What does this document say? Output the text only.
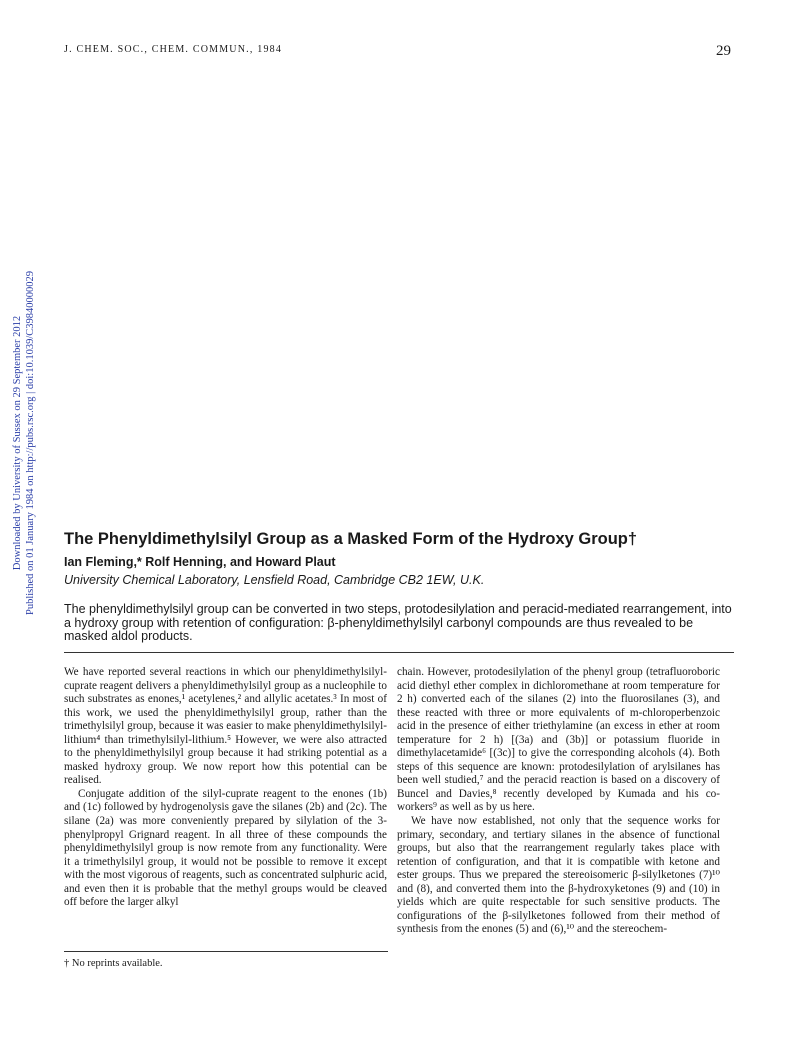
J. CHEM. SOC., CHEM. COMMUN., 1984	29
Downloaded by University of Sussex on 29 September 2012 Published on 01 January 1984 on http://pubs.rsc.org | doi:10.1039/C39840000029 The Phenyldimethylsilyl Group as a Masked Form of the Hydroxy Group†
Ian Fleming,* Rolf Henning, and Howard Plaut
University Chemical Laboratory, Lensfield Road, Cambridge CB2 1EW, U.K.
The phenyldimethylsilyl group can be converted in two steps, protodesilylation and peracid-mediated rearrangement, into a hydroxy group with retention of configuration: β-phenyldimethylsilyl carbonyl compounds are thus revealed to be masked aldol products.

We have reported several reactions in which our phenyldimethylsilyl-cuprate reagent delivers a phenyldimethylsilyl group as a nucleophile to such substrates as enones,¹ acetylenes,² and allylic acetates.³ In most of this work, we used the phenyldimethylsilyl group, rather than the trimethylsilyl group, because it was easier to make phenyldimethylsilyl-lithium⁴ than trimethylsilyl-lithium.⁵ However, we were also attracted to the phenyldimethylsilyl group because it had striking potential as a masked hydroxy group. We now report how this potential can be realised.

Conjugate addition of the silyl-cuprate reagent to the enones (1b) and (1c) followed by hydrogenolysis gave the silanes (2b) and (2c). The silane (2a) was more conveniently prepared by silylation of the 3-phenylpropyl Grignard reagent. In all three of these compounds the phenyldimethylsilyl group is now remote from any functionality. Were it a trimethylsilyl group, it would not be possible to remove it except with the most vigorous of reagents, such as concentrated sulphuric acid, and even then it is probable that the methyl groups would be cleaved off before the larger alkyl

chain. However, protodesilylation of the phenyl group (tetrafluoroboric acid diethyl ether complex in dichloromethane at room temperature for 2 h) converted each of the silanes (2) into the fluorosilanes (3), and these reacted with three or more equivalents of m-chloroperbenzoic acid in the presence of either triethylamine (an excess in ether at room temperature for 2 h) [(3a) and (3b)] or potassium fluoride in dimethylacetamide⁶ [(3c)] to give the corresponding alcohols (4). Both steps of this sequence are known: protodesilylation of arylsilanes has been well studied,⁷ and the peracid reaction is based on a discovery of Buncel and Davies,⁸ recently developed by Kumada and his co-workers⁹ as well as by us here.

We have now established, not only that the sequence works for primary, secondary, and tertiary silanes in the absence of functional groups, but also that the rearrangement regularly takes place with retention of configuration, and that it is compatible with ketone and ester groups. Thus we prepared the stereoisomeric β-silylketones (7)¹⁰ and (8), and converted them into the β-hydroxyketones (9) and (10) in yields which are quite respectable for such sensitive products. The configurations of the β-silylketones followed from their method of synthesis from the enones (5) and (6),¹⁰ and the stereochem-

† No reprints available.
